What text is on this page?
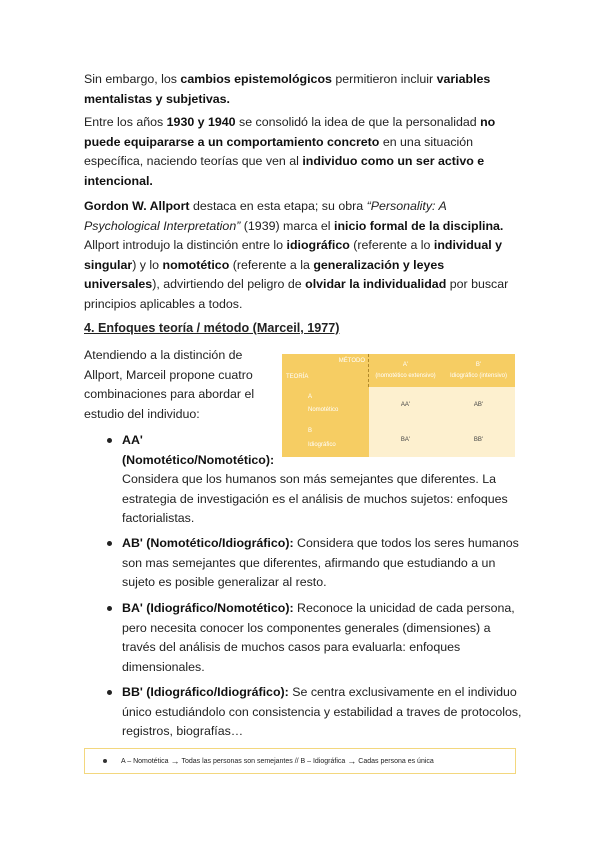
Sin embargo, los cambios epistemológicos permitieron incluir variables
mentalistas y subjetivas.
Entre los años 1930 y 1940 se consolidó la idea de que la personalidad no
puede equipararse a un comportamiento concreto en una situación
específica, naciendo teorías que ven al individuo como un ser activo e
intencional.
Gordon W. Allport destaca en esta etapa; su obra “Personality: A
Psychological Interpretation” (1939) marca el inicio formal de la disciplina.
Allport introdujo la distinción entre lo idiográfico (referente a lo individual y
singular) y lo nomotético (referente a la generalización y leyes
universales), advirtiendo del peligro de olvidar la individualidad por buscar
principios aplicables a todos.
4. Enfoques teoría / método (Marceil, 1977)
Atendiendo a la distinción de
Allport, Marceil propone cuatro
combinaciones para abordar el
estudio del individuo:
MÉTODO
TEORÍA
A'
(nomotético extensivo)
B'
Idiográfico (intensivo)
A
Nomotético
AA'	AB'
B
Idiográfico
BA'	BB'
AA'
(Nomotético/Nomotético):
Considera que los humanos son más semejantes que diferentes. La
estrategia de investigación es el análisis de muchos sujetos: enfoques
factorialistas.
AB' (Nomotético/Idiográfico): Considera que todos los seres humanos
son mas semejantes que diferentes, afirmando que estudiando a un
sujeto es posible generalizar al resto.
BA' (Idiográfico/Nomotético): Reconoce la unicidad de cada persona,
pero necesita conocer los componentes generales (dimensiones) a
través del análisis de muchos casos para evaluarla: enfoques
dimensionales.
BB' (Idiográfico/Idiográfico): Se centra exclusivamente en el individuo
único estudiándolo con consistencia y estabilidad a traves de protocolos,
registros, biografías…
A – Nomotética → Todas las personas son semejantes // B – Idiográfica → Cadas persona es única
